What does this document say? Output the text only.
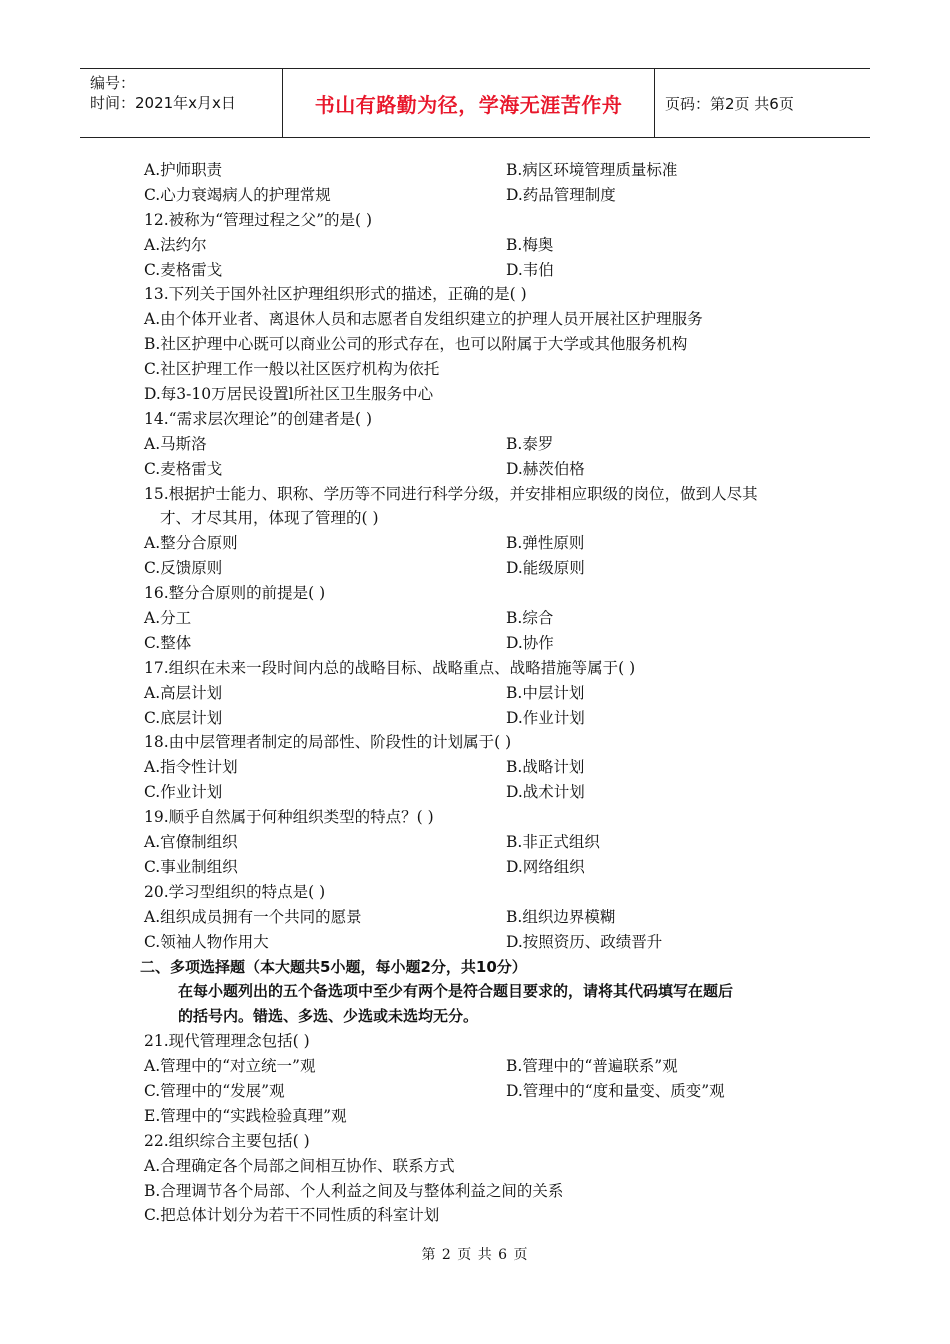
编号：
时间：2021年x月x日	书山有路勤为径，学海无涯苦作舟	页码：第2页 共6页
A.护师职责	B.病区环境管理质量标准
C.心力衰竭病人的护理常规	D.药品管理制度
12.被称为“管理过程之父”的是( )
A.法约尔	B.梅奥
C.麦格雷戈	D.韦伯
13.下列关于国外社区护理组织形式的描述，正确的是( )
A.由个体开业者、离退休人员和志愿者自发组织建立的护理人员开展社区护理服务
B.社区护理中心既可以商业公司的形式存在，也可以附属于大学或其他服务机构
C.社区护理工作一般以社区医疗机构为依托
D.每3-10万居民设置l所社区卫生服务中心
14.“需求层次理论”的创建者是( )
A.马斯洛	B.泰罗
C.麦格雷戈	D.赫茨伯格
15.根据护士能力、职称、学历等不同进行科学分级，并安排相应职级的岗位，做到人尽其
才、才尽其用，体现了管理的( )
A.整分合原则	B.弹性原则
C.反馈原则	D.能级原则
16.整分合原则的前提是( )
A.分工	B.综合
C.整体	D.协作
17.组织在未来一段时间内总的战略目标、战略重点、战略措施等属于( )
A.高层计划	B.中层计划
C.底层计划	D.作业计划
18.由中层管理者制定的局部性、阶段性的计划属于( )
A.指令性计划	B.战略计划
C.作业计划	D.战术计划
19.顺乎自然属于何种组织类型的特点？( )
A.官僚制组织	B.非正式组织
C.事业制组织	D.网络组织
20.学习型组织的特点是( )
A.组织成员拥有一个共同的愿景	B.组织边界模糊
C.领袖人物作用大	D.按照资历、政绩晋升
二、多项选择题（本大题共5小题，每小题2分，共10分）
在每小题列出的五个备选项中至少有两个是符合题目要求的，请将其代码填写在题后
的括号内。错选、多选、少选或未选均无分。
21.现代管理理念包括( )
A.管理中的“对立统一”观	B.管理中的“普遍联系”观
C.管理中的“发展”观	D.管理中的“度和量变、质变”观
E.管理中的“实践检验真理”观
22.组织综合主要包括( )
A.合理确定各个局部之间相互协作、联系方式
B.合理调节各个局部、个人利益之间及与整体利益之间的关系
C.把总体计划分为若干不同性质的科室计划
第 2 页 共 6 页
